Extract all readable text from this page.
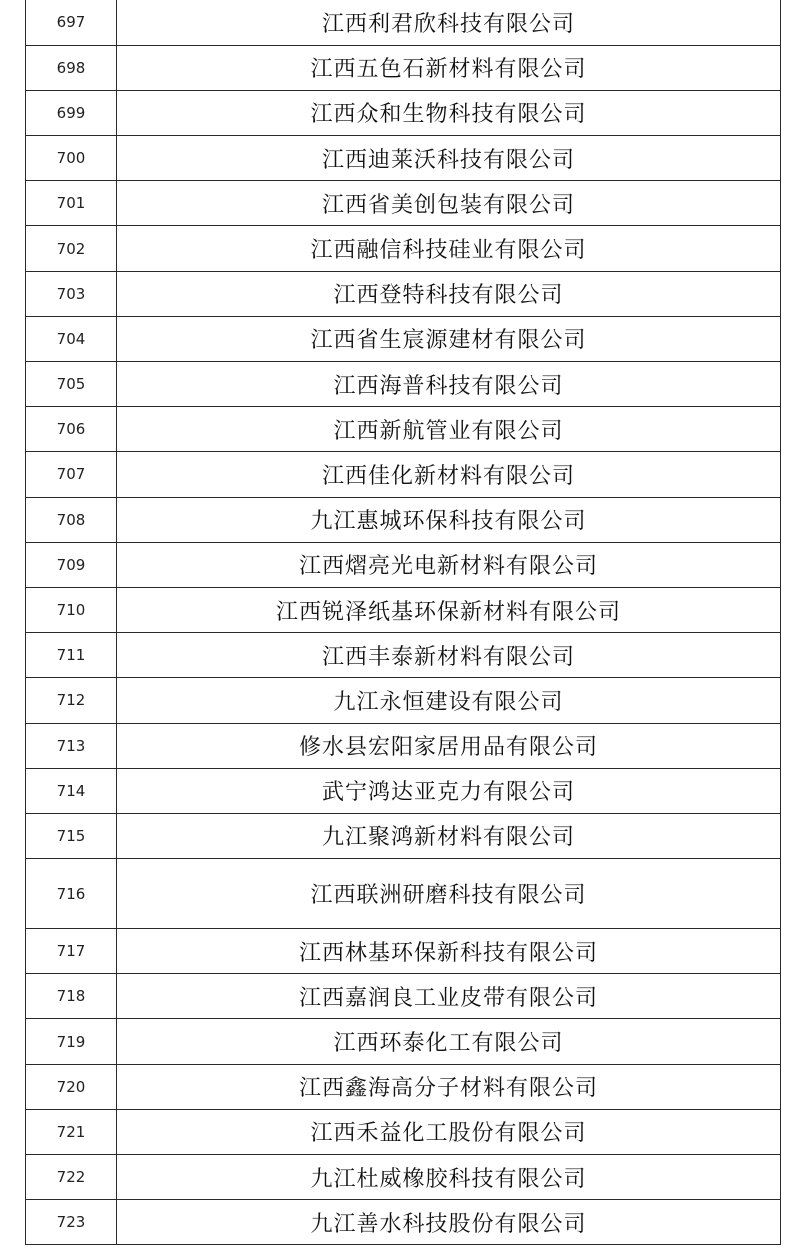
697	江西利君欣科技有限公司
698	江西五色石新材料有限公司
699	江西众和生物科技有限公司
700	江西迪莱沃科技有限公司
701	江西省美创包装有限公司
702	江西融信科技硅业有限公司
703	江西登特科技有限公司
704	江西省生宸源建材有限公司
705	江西海普科技有限公司
706	江西新航管业有限公司
707	江西佳化新材料有限公司
708	九江惠城环保科技有限公司
709	江西熠亮光电新材料有限公司
710	江西锐泽纸基环保新材料有限公司
711	江西丰泰新材料有限公司
712	九江永恒建设有限公司
713	修水县宏阳家居用品有限公司
714	武宁鸿达亚克力有限公司
715	九江聚鸿新材料有限公司
716	江西联洲研磨科技有限公司
717	江西林基环保新科技有限公司
718	江西嘉润良工业皮带有限公司
719	江西环泰化工有限公司
720	江西鑫海高分子材料有限公司
721	江西禾益化工股份有限公司
722	九江杜威橡胶科技有限公司
723	九江善水科技股份有限公司
